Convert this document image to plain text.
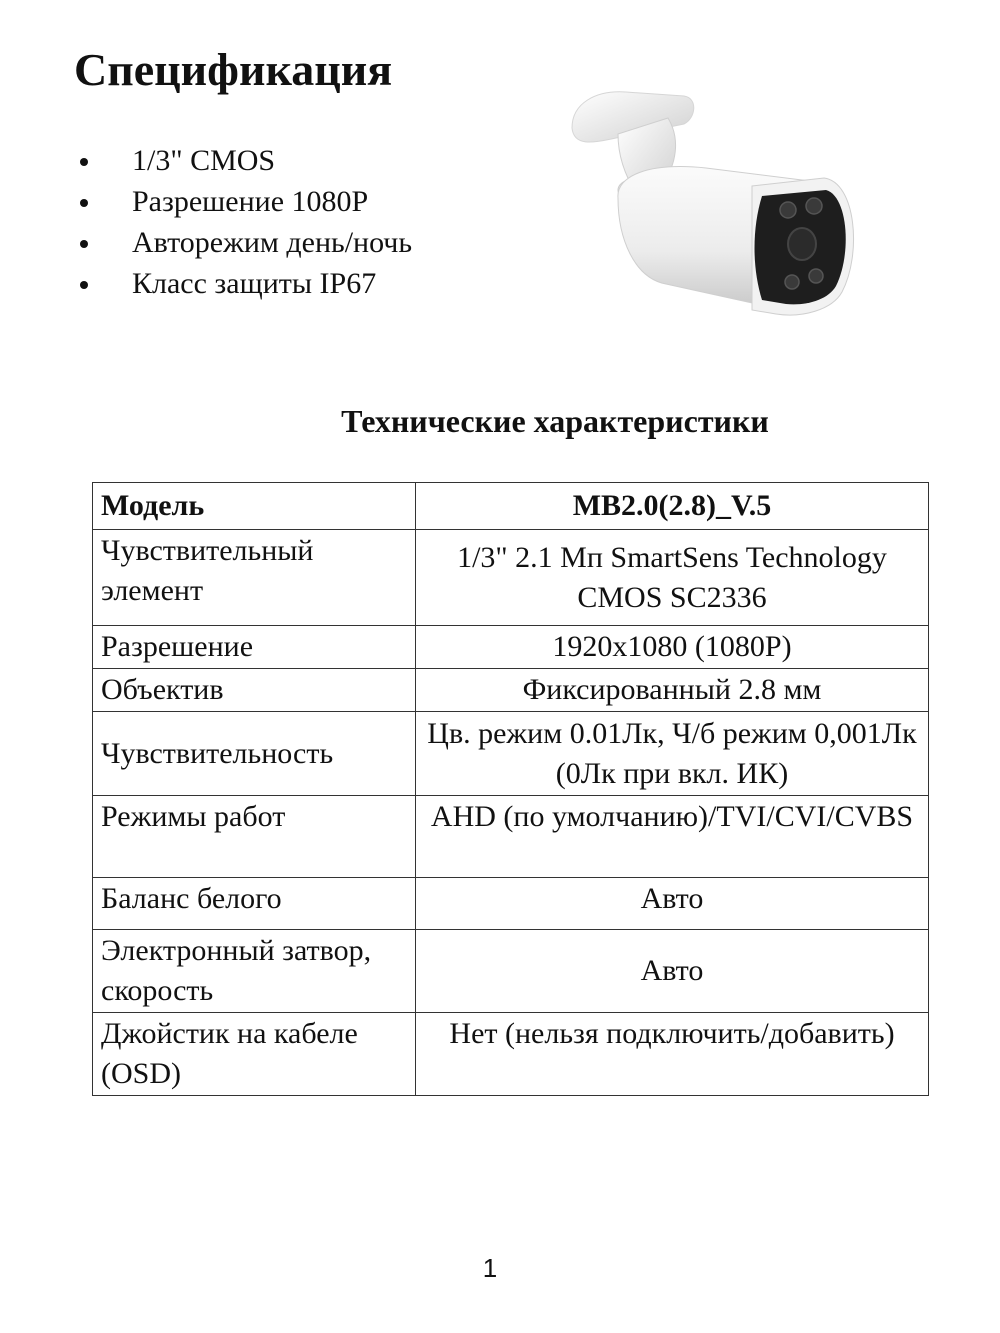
Спецификация
1/3" CMOS
Разрешение 1080P
Авторежим день/ночь
Класс защиты IP67
Технические характеристики
Модель	MB2.0(2.8)_V.5
Чувствительный элемент	1/3" 2.1 Мп SmartSens Technology CMOS SC2336
Разрешение	1920x1080 (1080P)
Объектив	Фиксированный 2.8 мм
Чувствительность	Цв. режим 0.01Лк, Ч/б режим 0,001Лк (0Лк при вкл. ИК)
Режимы работ	AHD (по умолчанию)/TVI/CVI/CVBS
Баланс белого	Авто
Электронный затвор, скорость	Авто
Джойстик на кабеле (OSD)	Нет (нельзя подключить/добавить)
1
